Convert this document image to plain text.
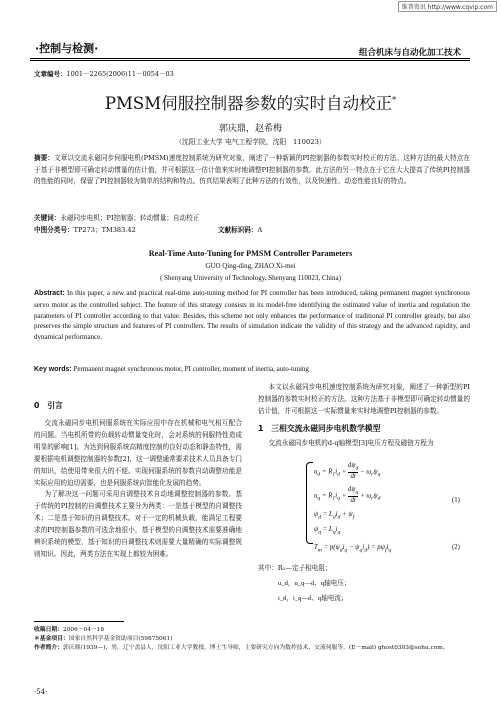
维普资讯 http://www.cqvip.com
·控制与检测·	组合机床与自动化加工技术
文章编号：1001－2265(2006)11－0054－03
PMSM伺服控制器参数的实时自动校正*
郭庆鼎，赵希梅
（沈阳工业大学 电气工程学院，沈阳　110023）
摘要：文章以交流永磁同步伺服电机(PMSM)速度控制系统为研究对象，阐述了一种新颖的PI控制器的参数实时校正的方法。这种方法的最大特点在于基于非模型即可确定转动惯量的估计值，并可根据这一估计值来实时地调整PI控制器的参数。此方法的另一特点在于它在大大提高了传统PI控制器的性能的同时，保留了PI控制器较为简单的结构和特点。仿真结果表明了此种方法的有效性，以及快速性、动态性能良好的特点。
关键词：永磁同步电机；PI控制器；转动惯量；自动校正
中图分类号：TP273；TM383.42	文献标识码：A
Real-Time Auto-Tuning for PMSM Controller Parameters
GUO Qing-ding, ZHAO Xi-mei
( Shenyang University of Technology, Shenyang 110023, China)
Abstract: In this paper, a new and practical real-time auto-tuning method for PI controller has been introduced, taking permanent magnet synchronous servo motor as the controlled subject. The feature of this strategy consists in its model-free identifying the estimated value of inertia and regulation the parameters of PI controller according to that value. Besides, this scheme not only enhances the performance of traditional PI controller greatly, but also preserves the simple structure and features of PI controllers. The results of simulation indicate the validity of this strategy and the advanced rapidity, and dynamical performance.
Key words: Permanent magnet synchronous motor, PI controller, moment of inertia, auto-tuning
0　引言

交流永磁同步电机伺服系统在实际应用中存在机械和电气相互配合的问题。当电机所带的负载转动惯量变化时，会对系统的伺服特性造成明显的影响[1]。为达到伺服系统高精度控制的良好动态和静态特性，需要根据电机调整控制器的参数[2]，这一调整通常要求技术人员具备专门的知识，给使用带来很大的不便。实现伺服系统的参数自动调整功能是实际应用的迫切需要，也是伺服系统向智能化发展的趋势。

为了解决这一问题可采用自调整技术自动地调整控制器的参数。基于传统的PI控制的自调整技术主要分为两类：一是基于模型的自调整技术；二是基于知识的自调整技术。对于一定的机械负载，能满足工程要求的PI控制器参数的可选余地很小，基于模型的自调整技术需要准确地辨识系统的模型，基于知识的自调整技术则需要大量精确的实际调整规则知识。因此，两类方法在实现上都较为困难。

本文以永磁同步电机速度控制系统为研究对象，阐述了一种新型的PI控制器的参数实时校正的方法。这种方法基于非模型即可确定转动惯量的估计值，并可根据这一实际惯量来实时地调整PI控制器的参数。

1　三相交流永磁同步电机数学模型

交流永磁同步电机的d-q轴模型[3]电压方程及磁链方程为

$u_d = R_1i_d$ +
$d\psi_d$
dt
− $\omega_r\psi_q$
$u_q = R_1i_q$ +
$d\psi_q$
dt
+ $\omega_r\psi_d$
$\psi_d = L_di_d + \psi_f$
$\psi_q = L_qi_q$
(1)
$T_m = p(\psi_di_q - \psi_qi_d) = p\psi_fi_q$	(2)
其中：R₁—定子相电阻；
u_d，u_q—d、q轴电压；
i_d，i_q—d、q轴电流；
收稿日期：2006－04－18
＊基金项目：国家自然科学基金资助项目(59875061)
作者简介：郭庆鼎(1939—)，男，辽宁盖县人，沈阳工业大学教授，博士生导师，主要研究方向为数控技术、交流伺服等，(E－mail) ghost0303@sohu.com。
·54·
